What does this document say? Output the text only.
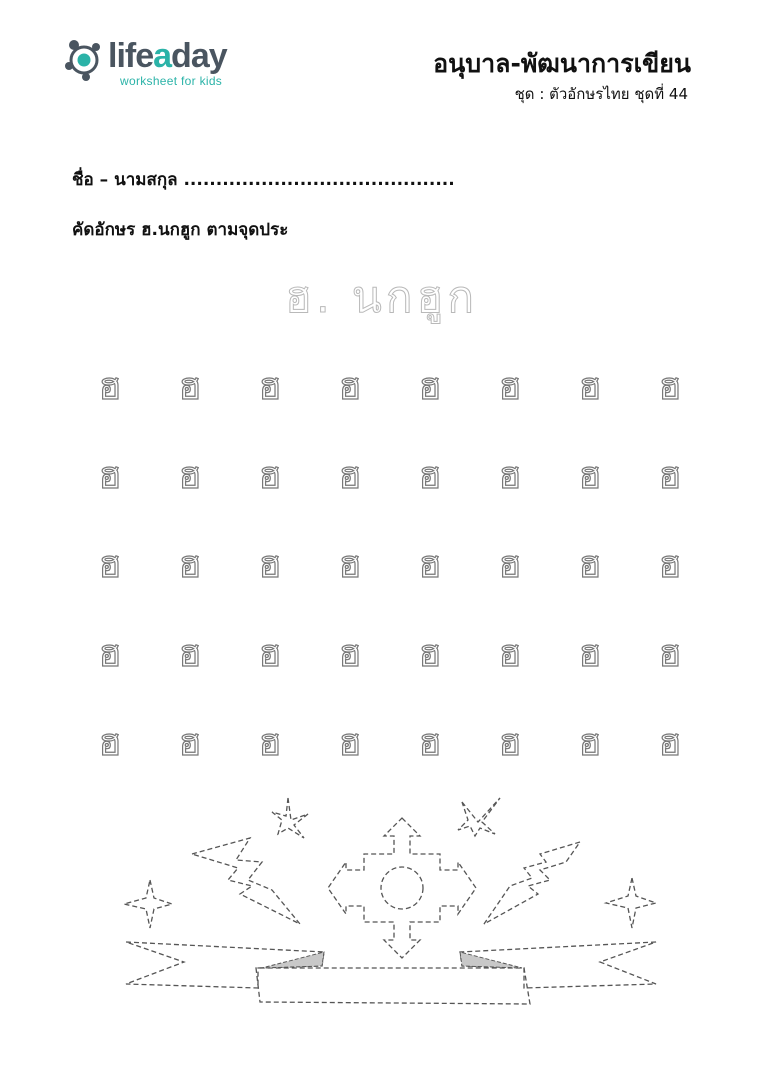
lifeaday
worksheet for kids
อนุบาล-พัฒนาการเขียน
ชุด : ตัวอักษรไทย ชุดที่ 44
ชื่อ – นามสกุล ..........................................
คัดอักษร ฮ.นกฮูก ตามจุดประ
ฮ. นกฮูก
ฮ	ฮ	ฮ	ฮ	ฮ	ฮ	ฮ	ฮ
ฮ	ฮ	ฮ	ฮ	ฮ	ฮ	ฮ	ฮ
ฮ	ฮ	ฮ	ฮ	ฮ	ฮ	ฮ	ฮ
ฮ	ฮ	ฮ	ฮ	ฮ	ฮ	ฮ	ฮ
ฮ	ฮ	ฮ	ฮ	ฮ	ฮ	ฮ	ฮ
